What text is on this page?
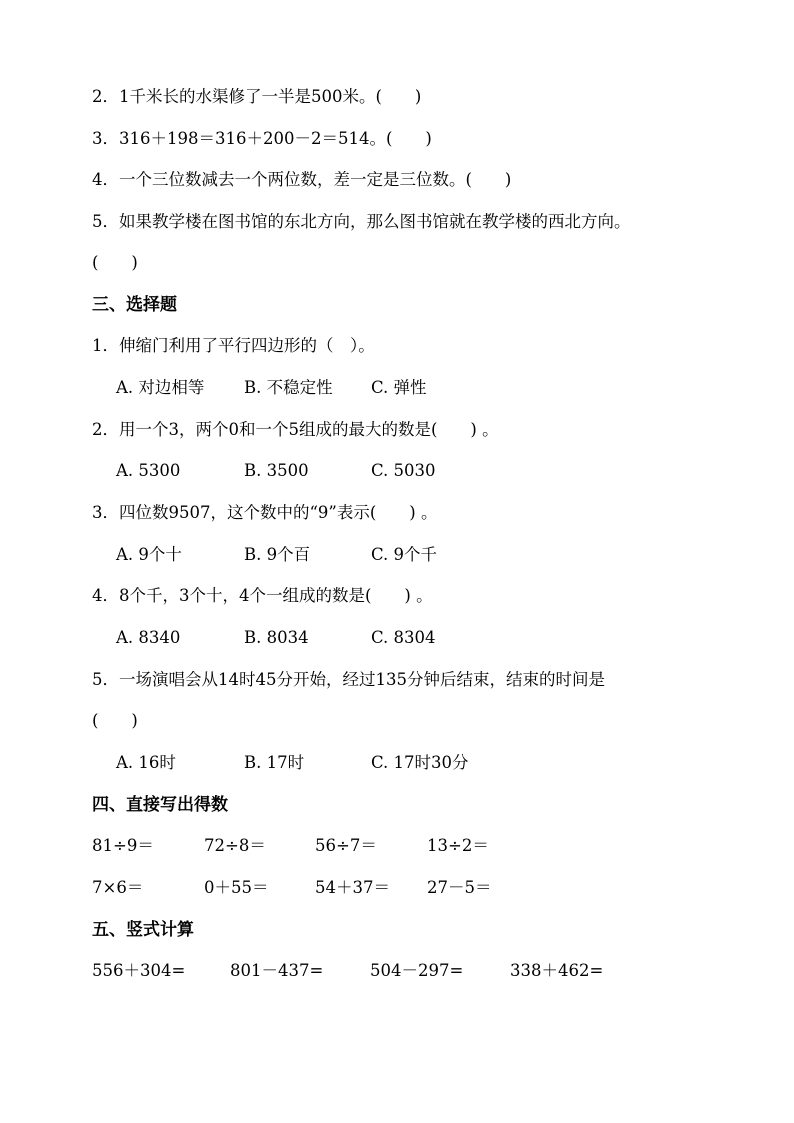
2．1千米长的水渠修了一半是500米。(　　)
3．316＋198＝316＋200－2＝514。(　　)
4．一个三位数减去一个两位数，差一定是三位数。(　　)
5．如果教学楼在图书馆的东北方向，那么图书馆就在教学楼的西北方向。
(　　)
三、选择题
1．伸缩门利用了平行四边形的（　）。
A. 对边相等 B. 不稳定性 C. 弹性
2．用一个3，两个0和一个5组成的最大的数是(　　) 。
A. 5300	B. 3500	C. 5030
3．四位数9507，这个数中的“9”表示(　　) 。
A. 9个十	B. 9个百	C. 9个千
4．8个千，3个十，4个一组成的数是(　　) 。
A. 8340	B. 8034	C. 8304
5．一场演唱会从14时45分开始，经过135分钟后结束，结束的时间是
(　　)
A. 16时	B. 17时	C. 17时30分
四、直接写出得数
81÷9＝	72÷8＝	56÷7＝	13÷2＝
7×6＝	0＋55＝	54＋37＝ 27－5＝
五、竖式计算
556＋304=	801－437=	504－297=	338＋462=
